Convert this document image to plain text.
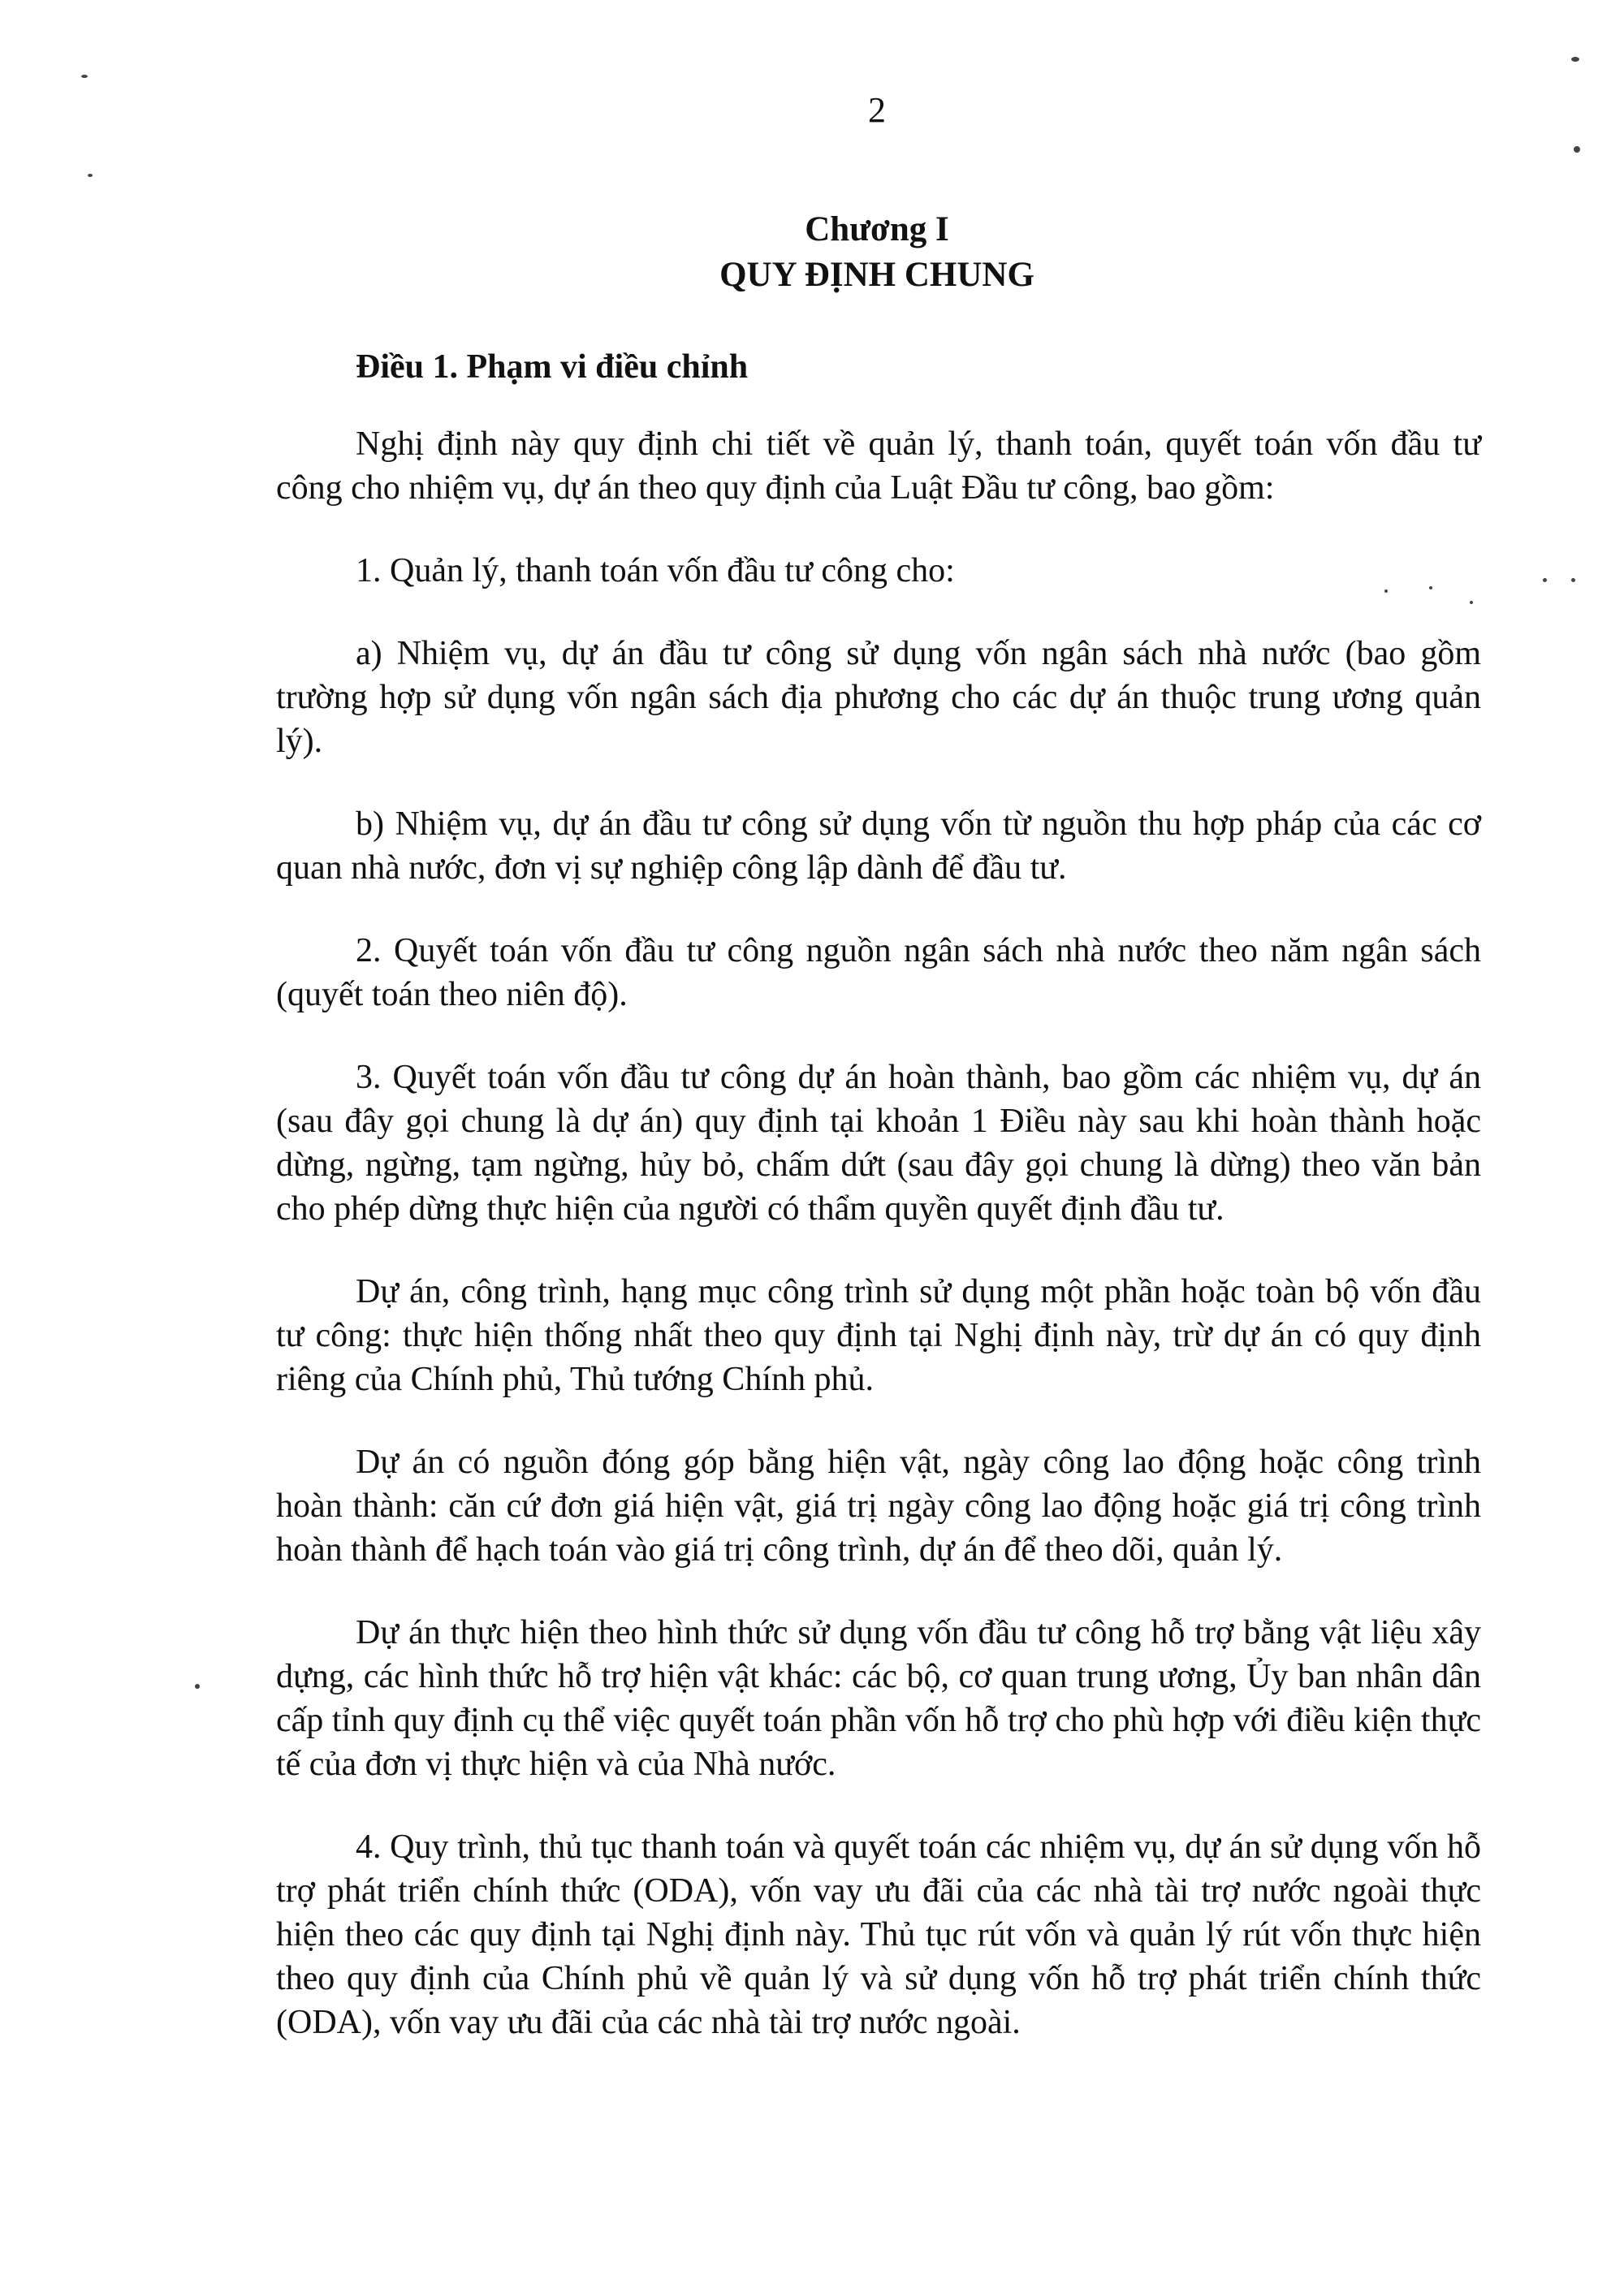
2
Chương I
QUY ĐỊNH CHUNG
Điều 1. Phạm vi điều chỉnh

Nghị định này quy định chi tiết về quản lý, thanh toán, quyết toán vốn đầu tư công cho nhiệm vụ, dự án theo quy định của Luật Đầu tư công, bao gồm:

1. Quản lý, thanh toán vốn đầu tư công cho:

a) Nhiệm vụ, dự án đầu tư công sử dụng vốn ngân sách nhà nước (bao gồm trường hợp sử dụng vốn ngân sách địa phương cho các dự án thuộc trung ương quản lý).

b) Nhiệm vụ, dự án đầu tư công sử dụng vốn từ nguồn thu hợp pháp của các cơ quan nhà nước, đơn vị sự nghiệp công lập dành để đầu tư.

2. Quyết toán vốn đầu tư công nguồn ngân sách nhà nước theo năm ngân sách (quyết toán theo niên độ).

3. Quyết toán vốn đầu tư công dự án hoàn thành, bao gồm các nhiệm vụ, dự án (sau đây gọi chung là dự án) quy định tại khoản 1 Điều này sau khi hoàn thành hoặc dừng, ngừng, tạm ngừng, hủy bỏ, chấm dứt (sau đây gọi chung là dừng) theo văn bản cho phép dừng thực hiện của người có thẩm quyền quyết định đầu tư.

Dự án, công trình, hạng mục công trình sử dụng một phần hoặc toàn bộ vốn đầu tư công: thực hiện thống nhất theo quy định tại Nghị định này, trừ dự án có quy định riêng của Chính phủ, Thủ tướng Chính phủ.

Dự án có nguồn đóng góp bằng hiện vật, ngày công lao động hoặc công trình hoàn thành: căn cứ đơn giá hiện vật, giá trị ngày công lao động hoặc giá trị công trình hoàn thành để hạch toán vào giá trị công trình, dự án để theo dõi, quản lý.

Dự án thực hiện theo hình thức sử dụng vốn đầu tư công hỗ trợ bằng vật liệu xây dựng, các hình thức hỗ trợ hiện vật khác: các bộ, cơ quan trung ương, Ủy ban nhân dân cấp tỉnh quy định cụ thể việc quyết toán phần vốn hỗ trợ cho phù hợp với điều kiện thực tế của đơn vị thực hiện và của Nhà nước.

4. Quy trình, thủ tục thanh toán và quyết toán các nhiệm vụ, dự án sử dụng vốn hỗ trợ phát triển chính thức (ODA), vốn vay ưu đãi của các nhà tài trợ nước ngoài thực hiện theo các quy định tại Nghị định này. Thủ tục rút vốn và quản lý rút vốn thực hiện theo quy định của Chính phủ về quản lý và sử dụng vốn hỗ trợ phát triển chính thức (ODA), vốn vay ưu đãi của các nhà tài trợ nước ngoài.
